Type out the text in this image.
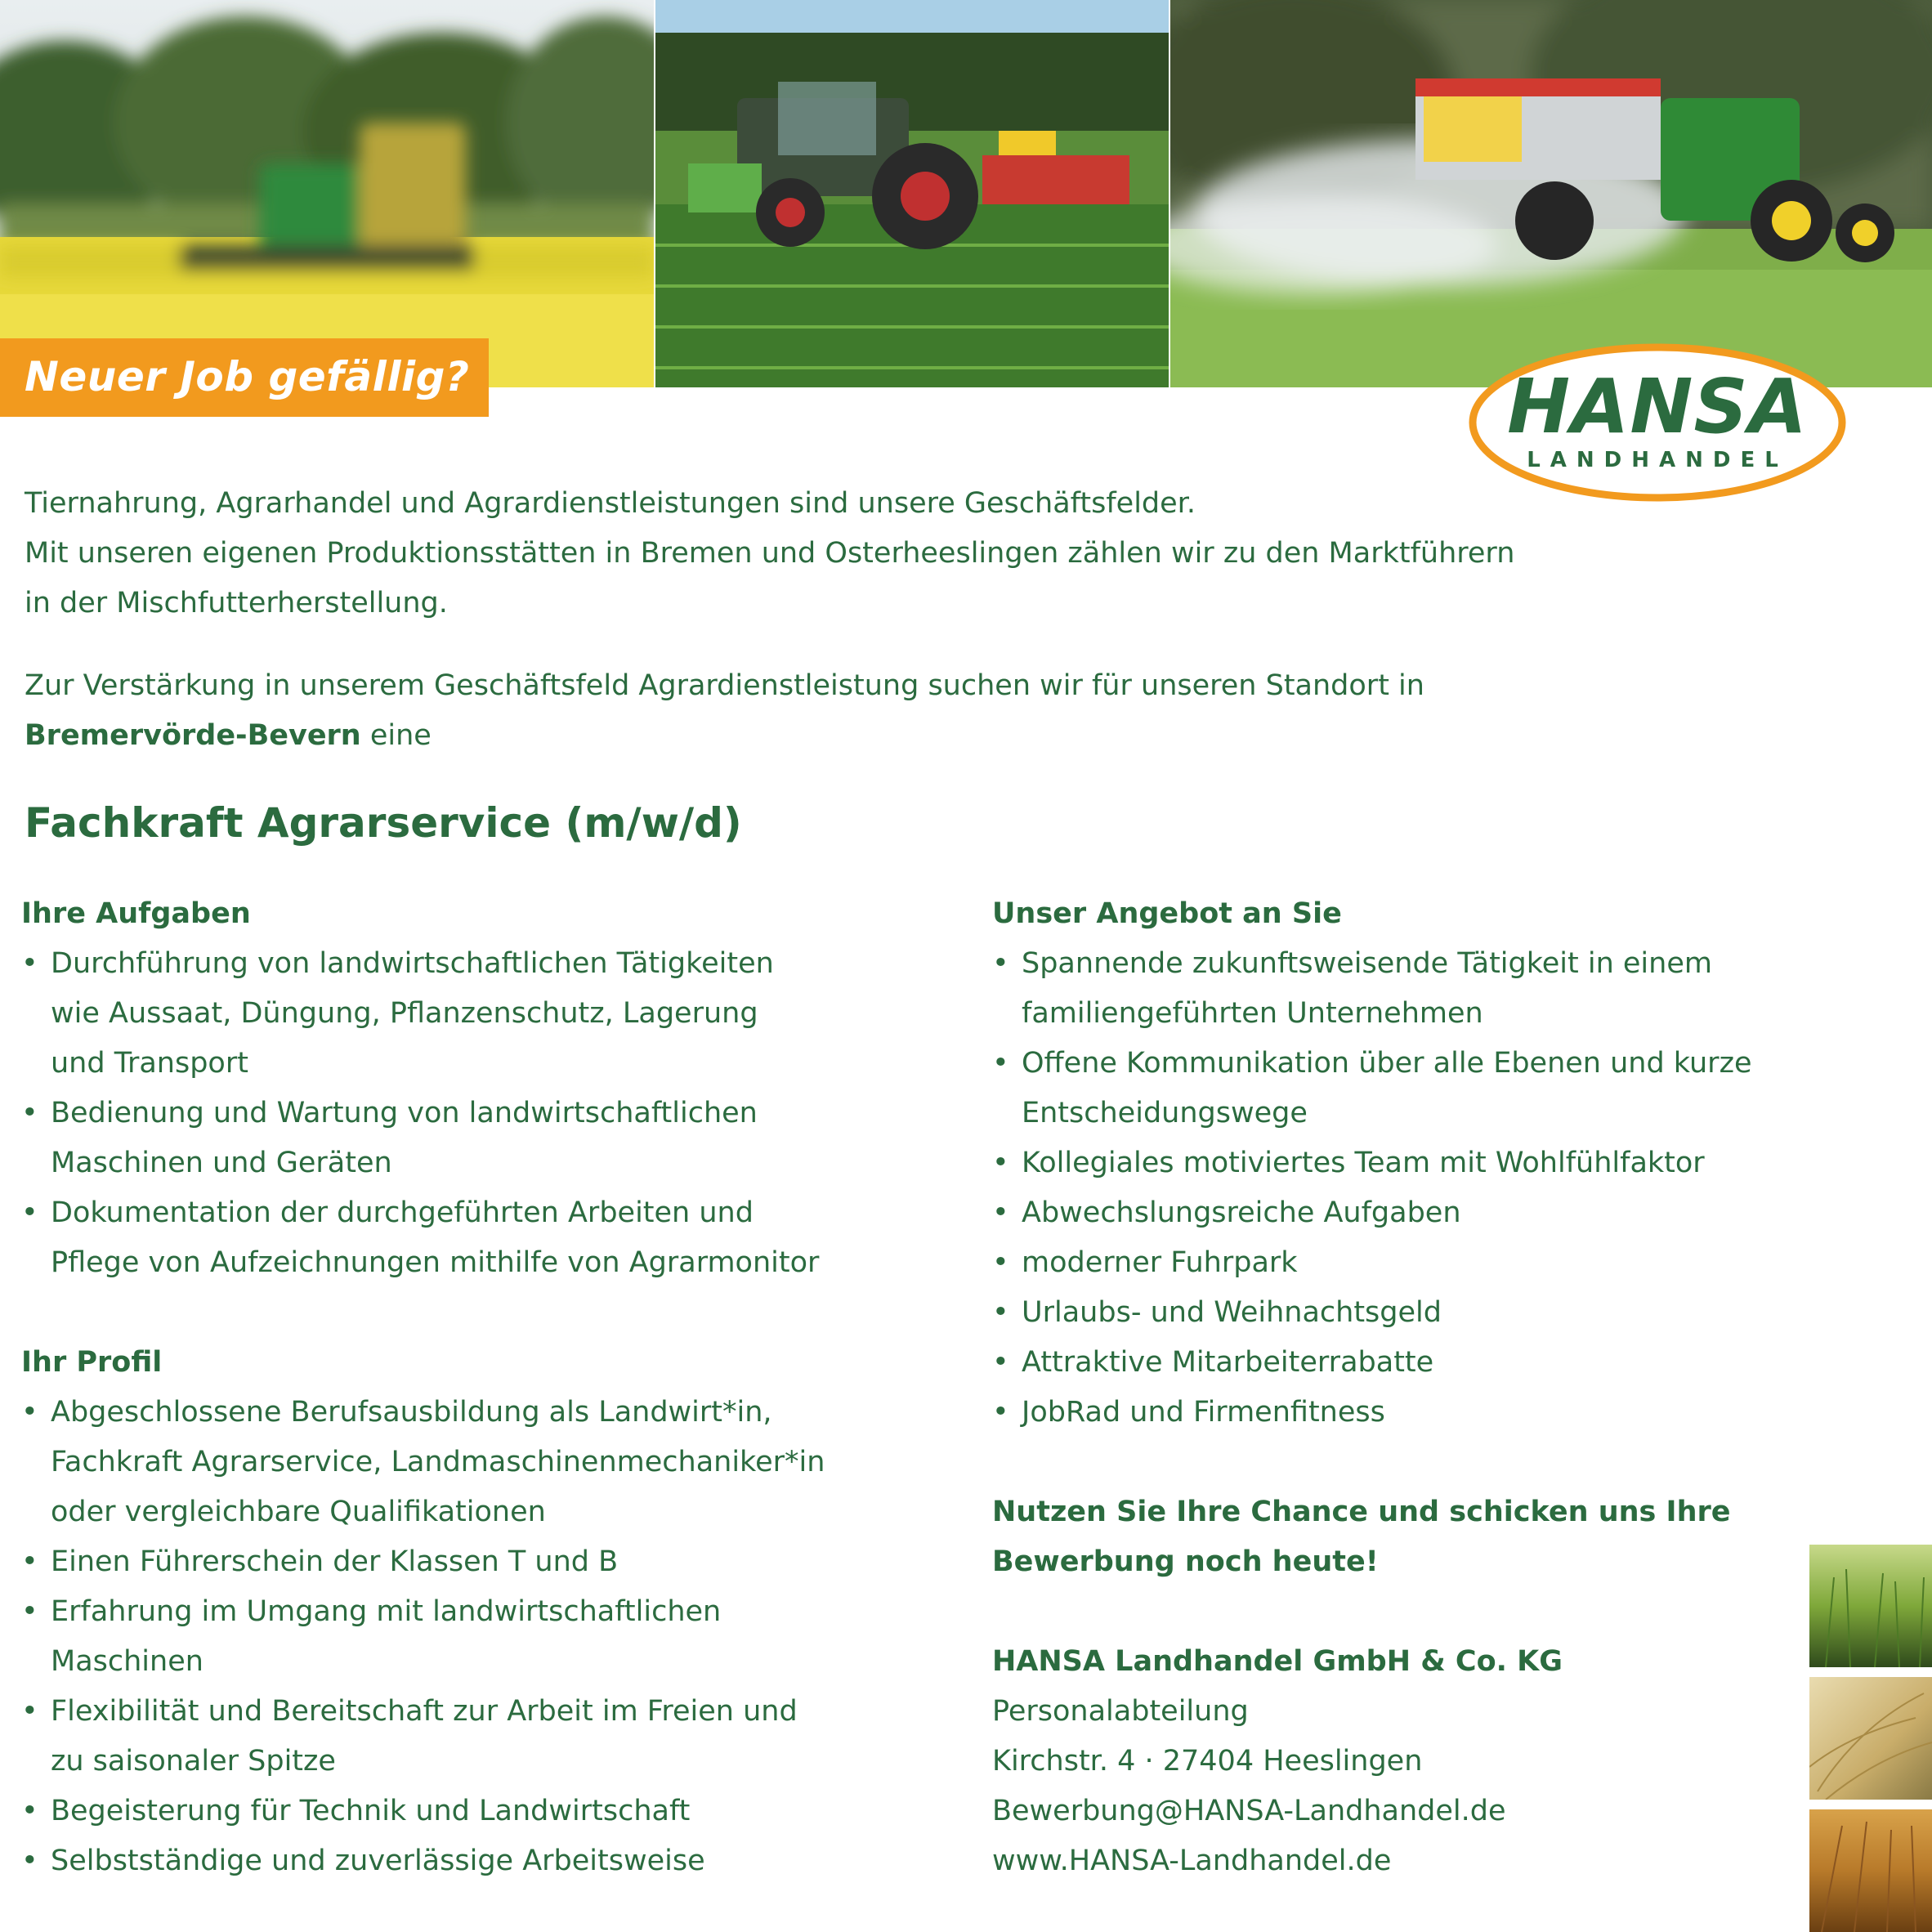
Neuer Job gefällig?	HANSA
LANDHANDEL

Tiernahrung, Agrarhandel und Agrardienstleistungen sind unsere Geschäftsfelder.

Mit unseren eigenen Produktionsstätten in Bremen und Osterheeslingen zählen wir zu den Marktführern

in der Mischfutterherstellung.

Zur Verstärkung in unserem Geschäftsfeld Agrardienstleistung suchen wir für unseren Standort in

Bremervörde-Bevern eine

Fachkraft Agrarservice (m/w/d)

Ihre Aufgaben

• Durchführung von landwirtschaftlichen Tätigkeiten
wie Aussaat, Düngung, Pflanzenschutz, Lagerung
und Transport
• Bedienung und Wartung von landwirtschaftlichen
Maschinen und Geräten
• Dokumentation der durchgeführten Arbeiten und
Pflege von Aufzeichnungen mithilfe von Agrarmonitor

Ihr Profil

• Abgeschlossene Berufsausbildung als Landwirt*in,
Fachkraft Agrarservice, Landmaschinenmechaniker*in
oder vergleichbare Qualifikationen
• Einen Führerschein der Klassen T und B
• Erfahrung im Umgang mit landwirtschaftlichen
Maschinen
• Flexibilität und Bereitschaft zur Arbeit im Freien und
zu saisonaler Spitze
• Begeisterung für Technik und Landwirtschaft
• Selbstständige und zuverlässige Arbeitsweise

Unser Angebot an Sie

• Spannende zukunftsweisende Tätigkeit in einem
familiengeführten Unternehmen
• Offene Kommunikation über alle Ebenen und kurze
Entscheidungswege
• Kollegiales motiviertes Team mit Wohlfühlfaktor
• Abwechslungsreiche Aufgaben
• moderner Fuhrpark
• Urlaubs- und Weihnachtsgeld
• Attraktive Mitarbeiterrabatte
• JobRad und Firmenfitness

Nutzen Sie Ihre Chance und schicken uns Ihre
Bewerbung noch heute!

HANSA Landhandel GmbH & Co. KG

Personalabteilung

Kirchstr. 4 · 27404 Heeslingen

Bewerbung@HANSA-Landhandel.de

www.HANSA-Landhandel.de
